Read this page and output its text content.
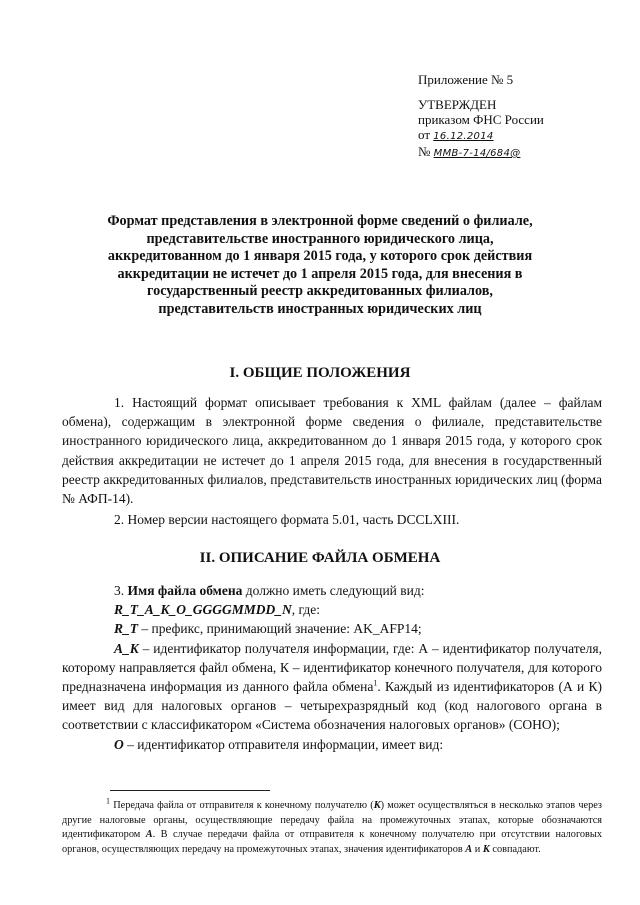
Приложение № 5
УТВЕРЖДЕН
приказом ФНС России
от 16.12.2014
№ ММВ-7-14/684@
Формат представления в электронной форме сведений о филиале,
представительстве иностранного юридического лица,
аккредитованном до 1 января 2015 года, у которого срок действия
аккредитации не истечет до 1 апреля 2015 года, для внесения в
государственный реестр аккредитованных филиалов,
представительств иностранных юридических лиц
I. ОБЩИЕ ПОЛОЖЕНИЯ
1. Настоящий формат описывает требования к XML файлам (далее – файлам обмена), содержащим в электронной форме сведения о филиале, представительстве иностранного юридического лица, аккредитованном до 1 января 2015 года, у которого срок действия аккредитации не истечет до 1 апреля 2015 года, для внесения в государственный реестр аккредитованных филиалов, представительств иностранных юридических лиц (форма № АФП-14).
2. Номер версии настоящего формата 5.01, часть DCCLXIII.
II. ОПИСАНИЕ ФАЙЛА ОБМЕНА
3. Имя файла обмена должно иметь следующий вид:
R_T_A_K_O_GGGGMMDD_N, где:
R_T – префикс, принимающий значение: AK_AFP14;
A_K – идентификатор получателя информации, где: А – идентификатор получателя, которому направляется файл обмена, К – идентификатор конечного получателя, для которого предназначена информация из данного файла обмена$^1$. Каждый из идентификаторов (А и К) имеет вид для налоговых органов – четырехразрядный код (код налогового органа в соответствии с классификатором «Система обозначения налоговых органов» (СОНО);
O – идентификатор отправителя информации, имеет вид:
$^1$ Передача файла от отправителя к конечному получателю (К) может осуществляться в несколько этапов через другие налоговые органы, осуществляющие передачу файла на промежуточных этапах, которые обозначаются идентификатором А. В случае передачи файла от отправителя к конечному получателю при отсутствии налоговых органов, осуществляющих передачу на промежуточных этапах, значения идентификаторов А и К совпадают.
